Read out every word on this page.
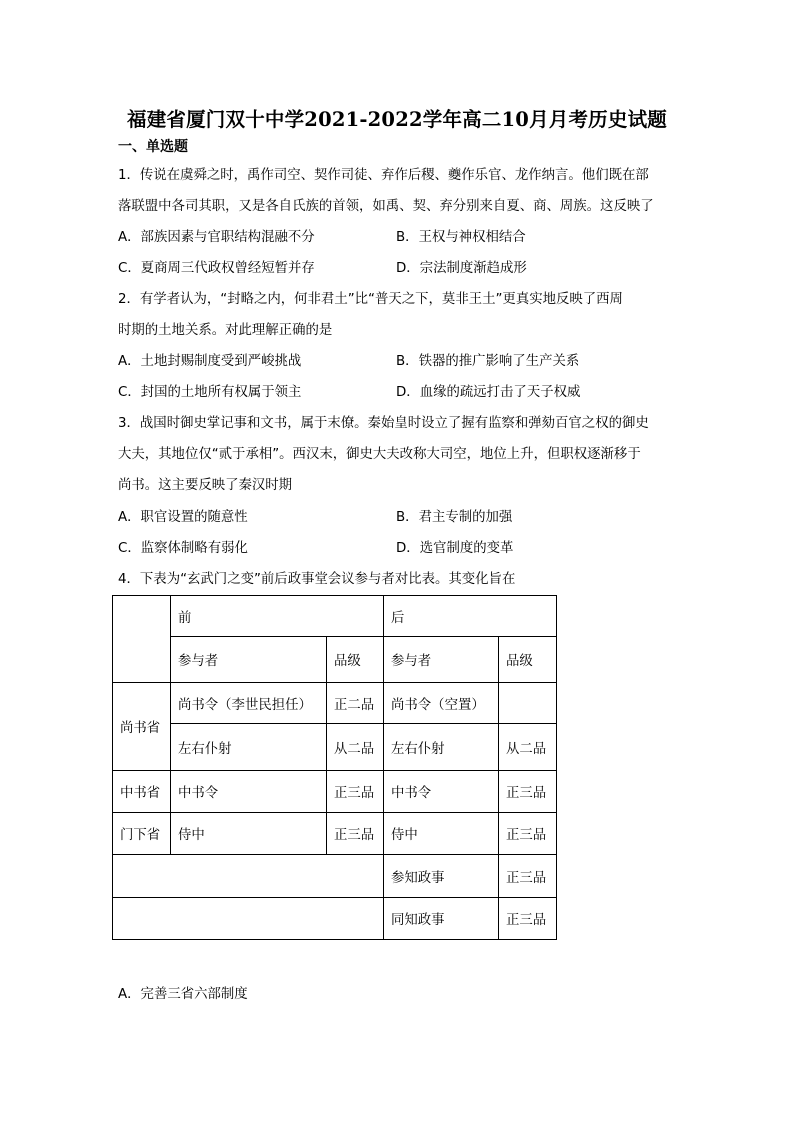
福建省厦门双十中学2021-2022学年高二10月月考历史试题
一、单选题
1．传说在虞舜之时，禹作司空、契作司徒、弃作后稷、夔作乐官、龙作纳言。他们既在部
落联盟中各司其职，又是各自氏族的首领，如禹、契、弃分别来自夏、商、周族。这反映了
A．部族因素与官职结构混融不分	B．王权与神权相结合
C．夏商周三代政权曾经短暂并存	D．宗法制度渐趋成形
2．有学者认为，“封略之内，何非君土”比“普天之下，莫非王土”更真实地反映了西周
时期的土地关系。对此理解正确的是
A．土地封赐制度受到严峻挑战	B．铁器的推广影响了生产关系
C．封国的土地所有权属于领主	D．血缘的疏远打击了天子权威
3．战国时御史掌记事和文书，属于末僚。秦始皇时设立了握有监察和弹劾百官之权的御史
大夫，其地位仅“贰于承相”。西汉末，御史大夫改称大司空，地位上升，但职权逐渐移于
尚书。这主要反映了秦汉时期
A．职官设置的随意性	B．君主专制的加强
C．监察体制略有弱化	D．选官制度的变革
4．下表为“玄武门之变”前后政事堂会议参与者对比表。其变化旨在
	前		后	
	参与者	品级	参与者	品级
尚书省	尚书令（李世民担任）	正二品	尚书令（空置）	
	左右仆射	从二品	左右仆射	从二品
中书省	中书令	正三品	中书令	正三品
门下省	侍中	正三品	侍中	正三品
			参知政事	正三品
			同知政事	正三品
A．完善三省六部制度
